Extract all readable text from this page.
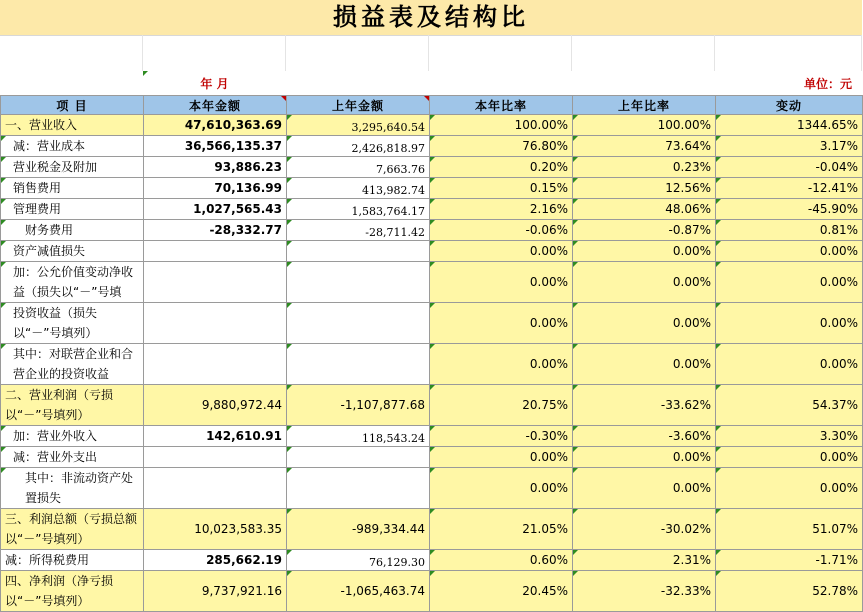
损益表及结构比
年 月	单位：元
项 目	本年金额	上年金额	本年比率	上年比率	变动
一、营业收入	47,610,363.69	3,295,640.54	100.00%	100.00%	1344.65%
减：营业成本	36,566,135.37	2,426,818.97	76.80%	73.64%	3.17%
营业税金及附加	93,886.23	7,663.76	0.20%	0.23%	-0.04%
销售费用	70,136.99	413,982.74	0.15%	12.56%	-12.41%
管理费用	1,027,565.43	1,583,764.17	2.16%	48.06%	-45.90%
财务费用	-28,332.77	-28,711.42	-0.06%	-0.87%	0.81%
资产减值损失			0.00%	0.00%	0.00%
加：公允价值变动净收益（损失以“－”号填			0.00%	0.00%	0.00%
投资收益（损失以“－”号填列）			0.00%	0.00%	0.00%
其中：对联营企业和合营企业的投资收益			0.00%	0.00%	0.00%
二、营业利润（亏损以“－”号填列）	9,880,972.44	-1,107,877.68	20.75%	-33.62%	54.37%
加：营业外收入	142,610.91	118,543.24	-0.30%	-3.60%	3.30%
减：营业外支出			0.00%	0.00%	0.00%
其中：非流动资产处置损失			0.00%	0.00%	0.00%
三、利润总额（亏损总额以“－”号填列）	10,023,583.35	-989,334.44	21.05%	-30.02%	51.07%
减：所得税费用	285,662.19	76,129.30	0.60%	2.31%	-1.71%
四、净利润（净亏损以“－”号填列）	9,737,921.16	-1,065,463.74	20.45%	-32.33%	52.78%
